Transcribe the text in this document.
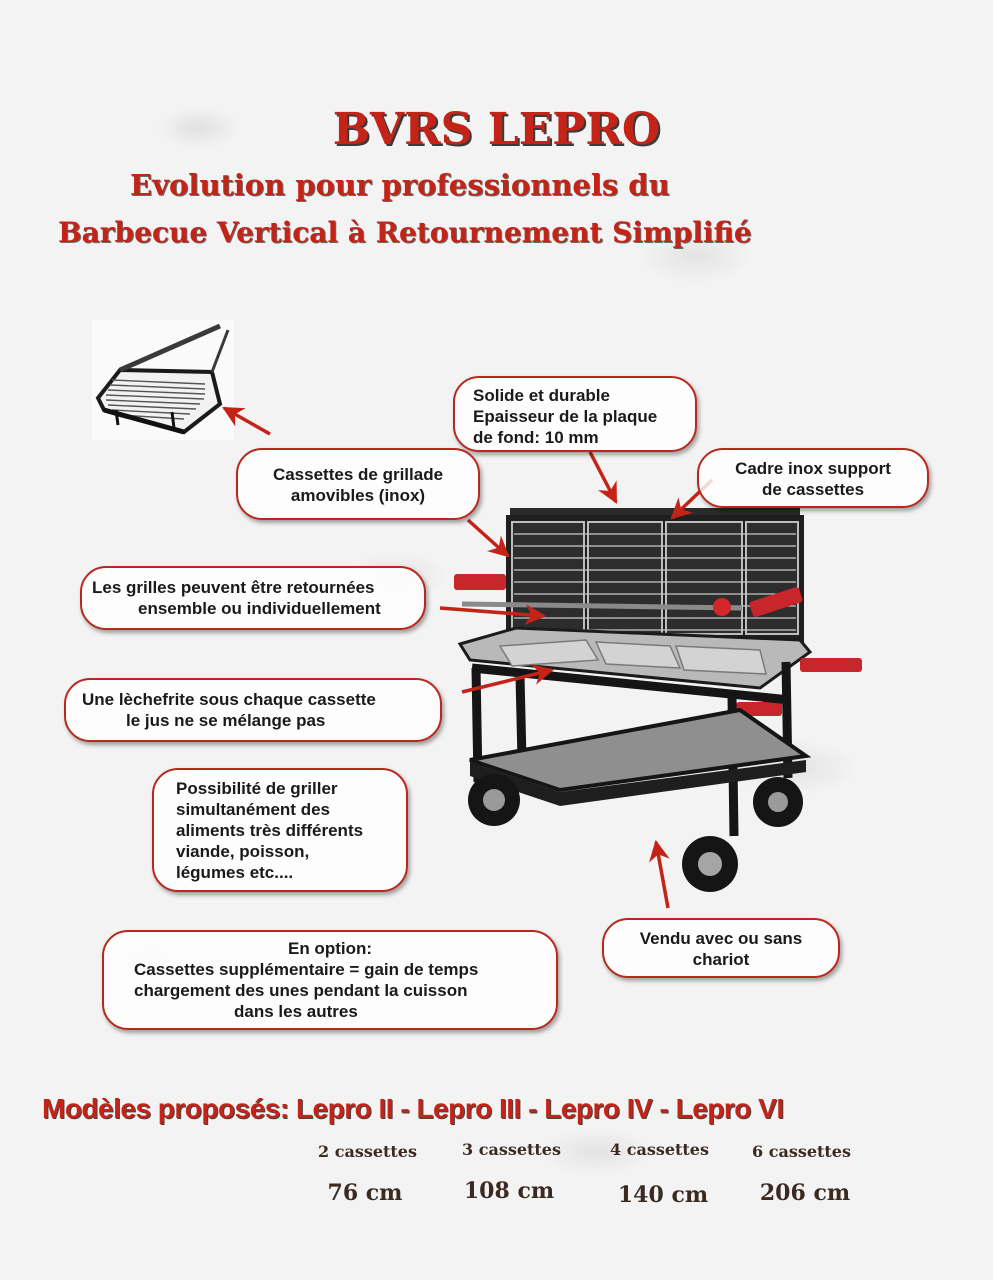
BVRS LEPRO
Evolution pour professionnels du
Barbecue Vertical à Retournement Simplifié
Solide et durable
Epaisseur de la plaque
de fond: 10 mm
Cadre inox support
de cassettes
Cassettes de grillade
amovibles (inox)
Les grilles peuvent être retournées
ensemble ou individuellement
Une lèchefrite sous chaque cassette
le jus ne se mélange pas
Possibilité de griller
simultanément des
aliments très différents
viande, poisson,
légumes etc....
Vendu avec ou sans
chariot
En option:
Cassettes supplémentaire = gain de temps
chargement des unes pendant la cuisson
dans les autres
Modèles proposés: Lepro II - Lepro III - Lepro IV - Lepro VI
2 cassettes	3 cassettes	4 cassettes	6 cassettes
76 cm	108 cm	140 cm	206 cm
